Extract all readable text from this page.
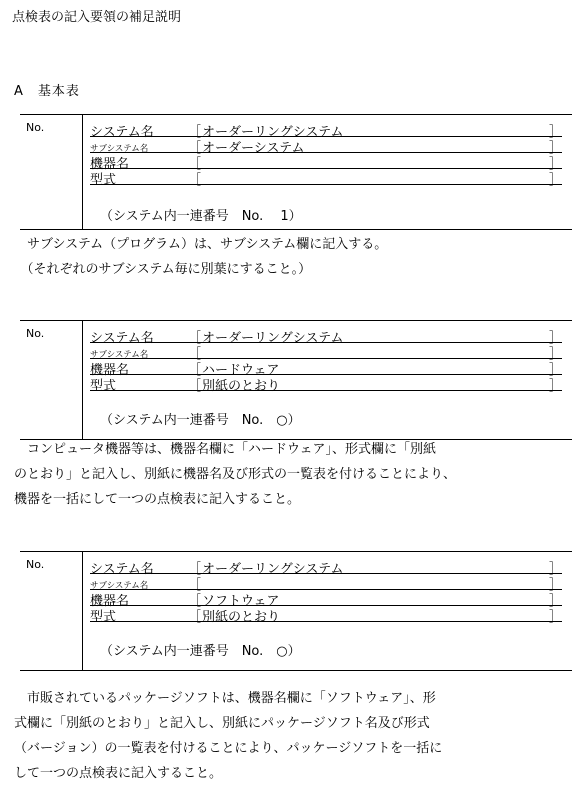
点検表の記入要領の補足説明
A　基本表
No.	システム名	［ オーダーリングシステム	］
サブシステム名	［ オーダーシステム	］
機器名	［	］
型式	［	］
（システム内一連番号　No.　 1）
　サブシステム（プログラム）は、サブシステム欄に記入する。
　（それぞれのサブシステム毎に別葉にすること。）
No.	システム名	［ オーダーリングシステム	］
サブシステム名	［	］
機器名	［ ハードウェア	］
型式	［ 別紙のとおり	］
（システム内一連番号　No.　○）
　コンピュータ機器等は、機器名欄に「ハードウェア」、形式欄に「別紙
のとおり」と記入し、別紙に機器名及び形式の一覧表を付けることにより、
機器を一括にして一つの点検表に記入すること。
No.	システム名	［ オーダーリングシステム	］
サブシステム名	［	］
機器名	［ ソフトウェア	］
型式	［ 別紙のとおり	］
（システム内一連番号　No.　○）
　市販されているパッケージソフトは、機器名欄に「ソフトウェア」、形
式欄に「別紙のとおり」と記入し、別紙にパッケージソフト名及び形式
（バージョン）の一覧表を付けることにより、パッケージソフトを一括に
して一つの点検表に記入すること。
